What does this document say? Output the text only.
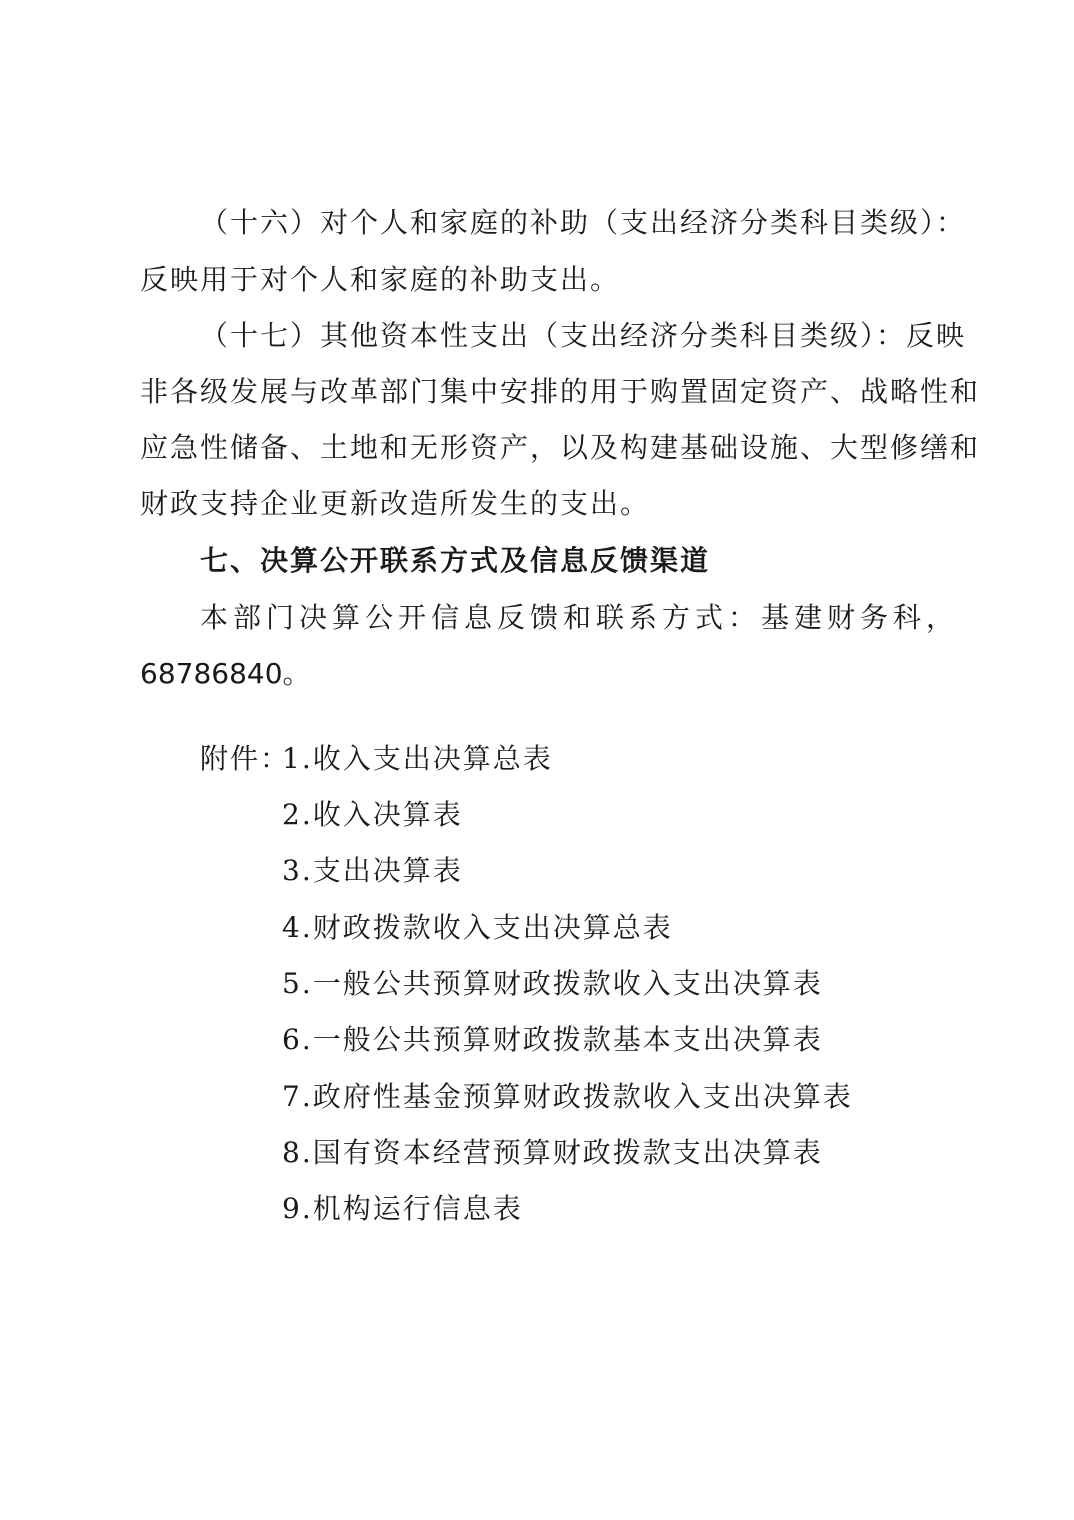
（十六）对个人和家庭的补助（支出经济分类科目类级）：
反映用于对个人和家庭的补助支出。
（十七）其他资本性支出（支出经济分类科目类级）：反映
非各级发展与改革部门集中安排的用于购置固定资产、战略性和
应急性储备、土地和无形资产，以及构建基础设施、大型修缮和
财政支持企业更新改造所发生的支出。
七、决算公开联系方式及信息反馈渠道
本部门决算公开信息反馈和联系方式：基建财务科，
68786840。
附件：
1.收入支出决算总表
2.收入决算表
3.支出决算表
4.财政拨款收入支出决算总表
5.一般公共预算财政拨款收入支出决算表
6.一般公共预算财政拨款基本支出决算表
7.政府性基金预算财政拨款收入支出决算表
8.国有资本经营预算财政拨款支出决算表
9.机构运行信息表
